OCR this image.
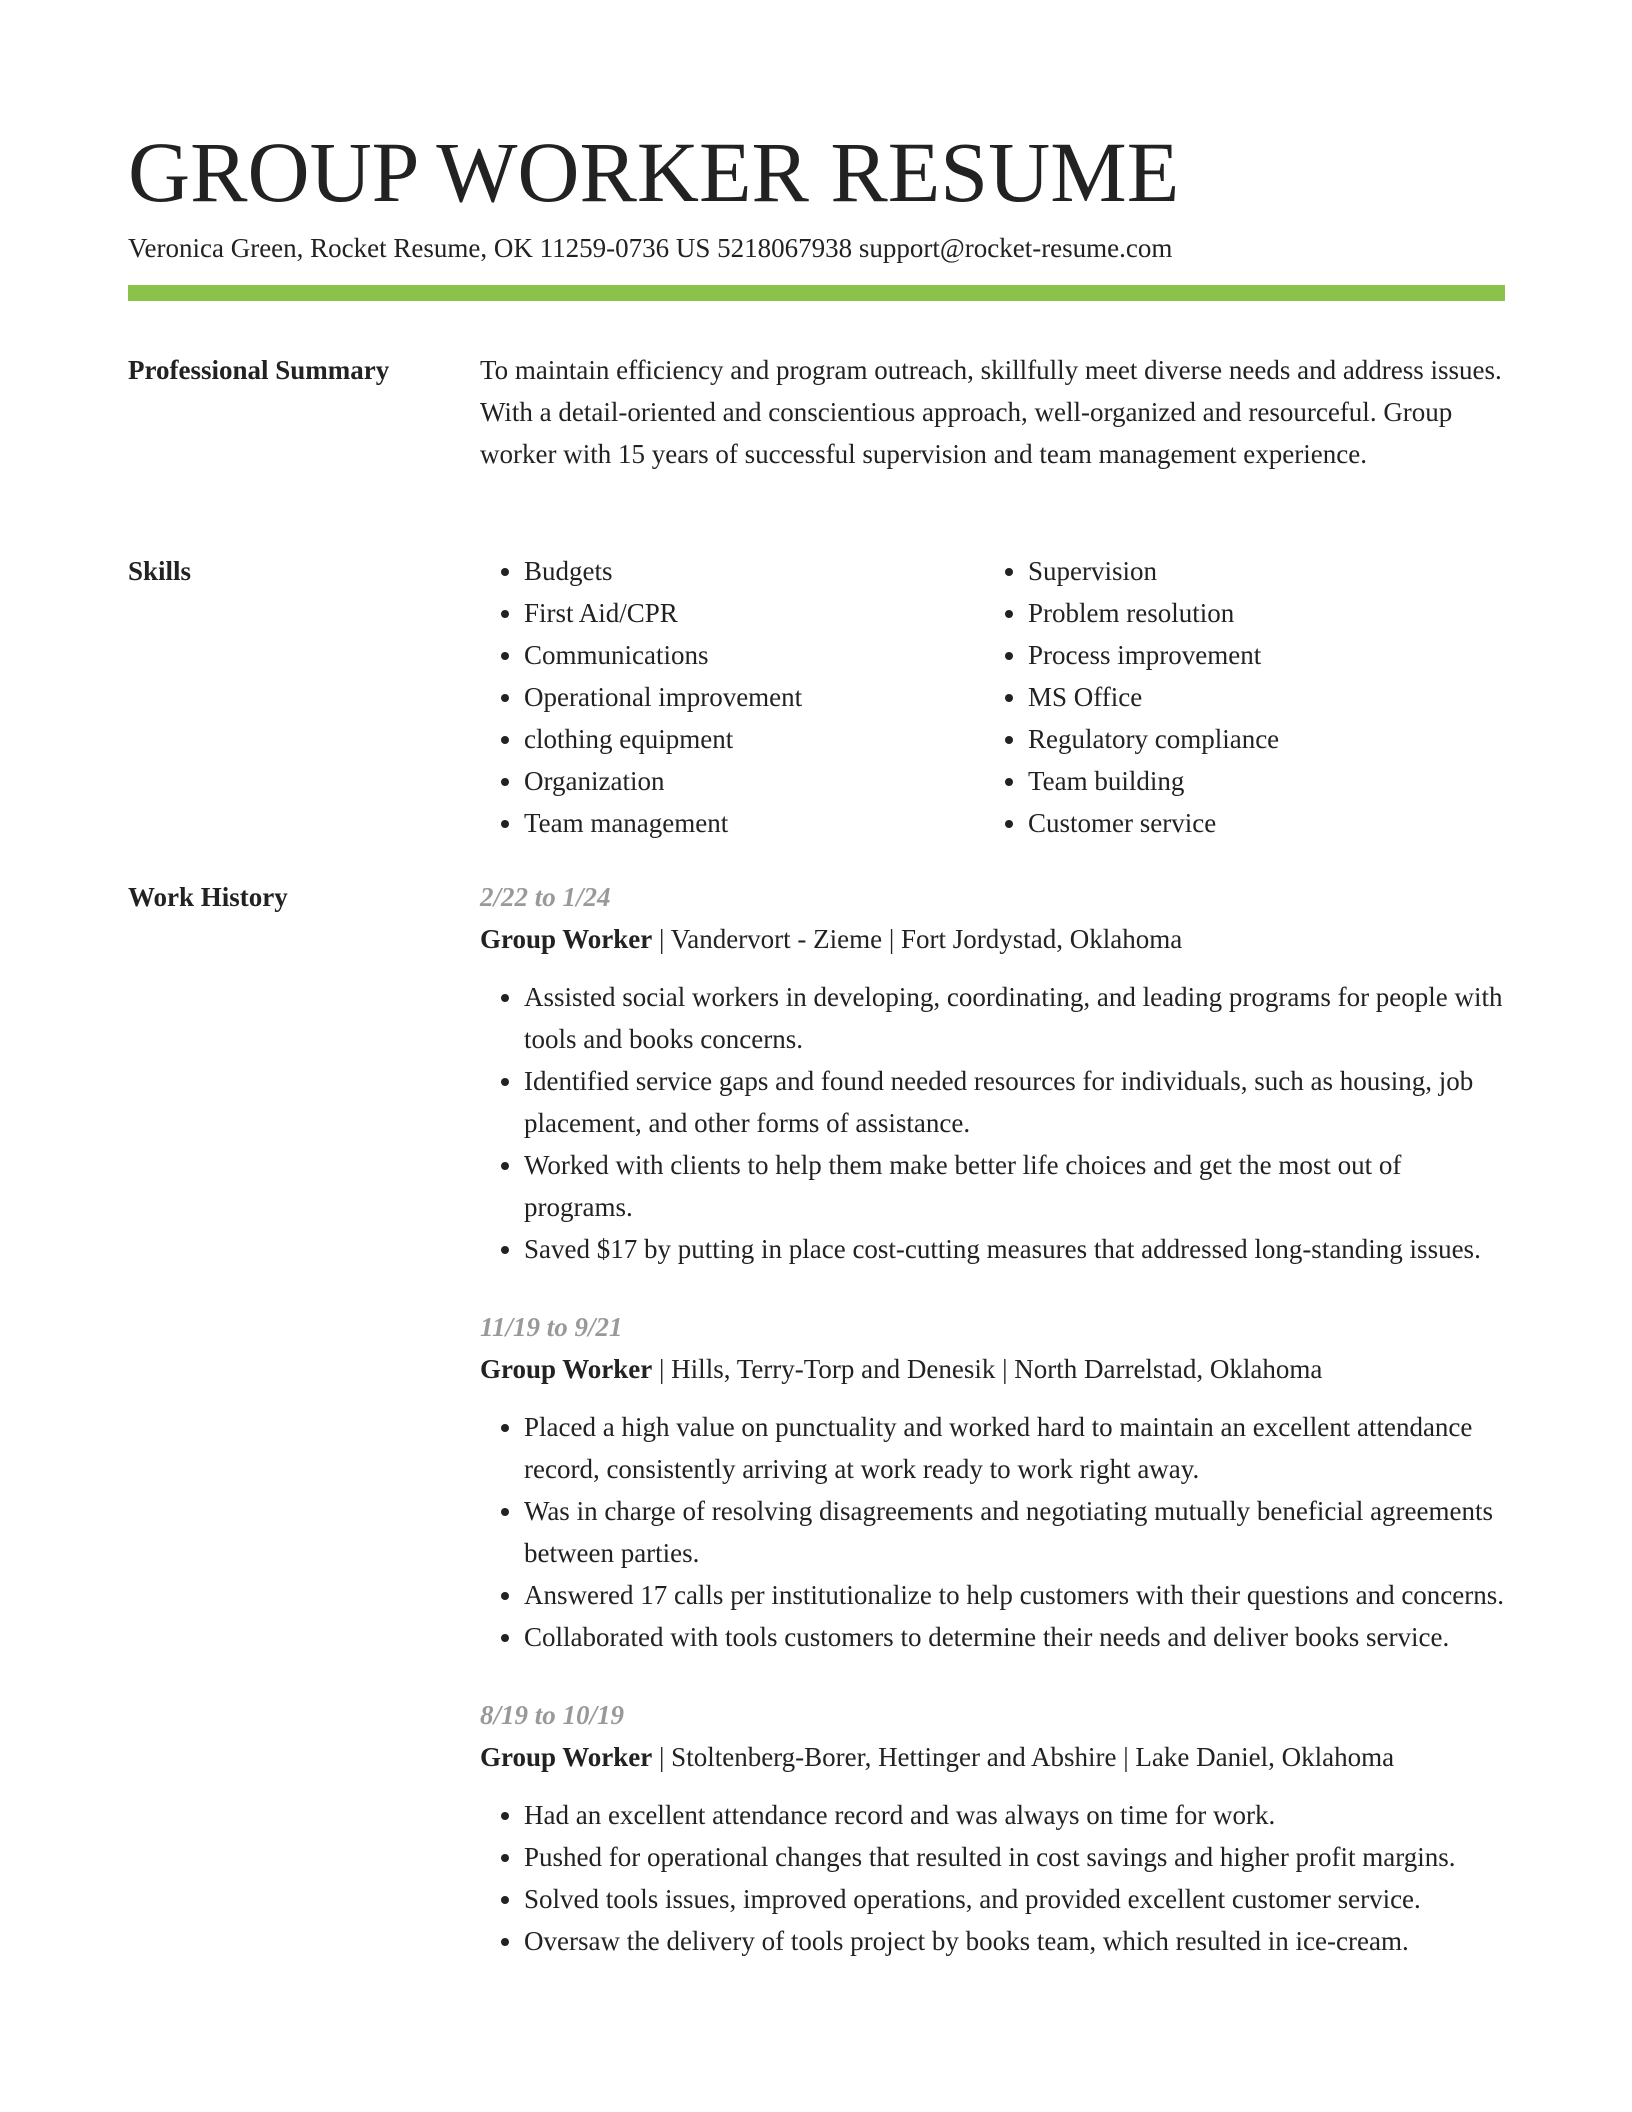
GROUP WORKER RESUME
Veronica Green, Rocket Resume, OK 11259-0736 US 5218067938 support@rocket-resume.com
Professional Summary	To maintain efficiency and program outreach, skillfully meet diverse needs and address issues. With a detail-oriented and conscientious approach, well-organized and resourceful. Group worker with 15 years of successful supervision and team management experience.

Skills
•	Budgets
• First Aid/CPR
• Communications
• Operational improvement
• clothing equipment
• Organization
• Team management
• Supervision
• Problem resolution
• Process improvement
• MS Office
• Regulatory compliance
• Team building
• Customer service
Work History	2/22 to 1/24
Group Worker | Vandervort - Zieme | Fort Jordystad, Oklahoma
• Assisted social workers in developing, coordinating, and leading programs for people with tools and books concerns.
• Identified service gaps and found needed resources for individuals, such as housing, job placement, and other forms of assistance.
• Worked with clients to help them make better life choices and get the most out of programs.
• Saved $17 by putting in place cost-cutting measures that addressed long-standing issues.
11/19 to 9/21
Group Worker | Hills, Terry-Torp and Denesik | North Darrelstad, Oklahoma
• Placed a high value on punctuality and worked hard to maintain an excellent attendance record, consistently arriving at work ready to work right away.
• Was in charge of resolving disagreements and negotiating mutually beneficial agreements between parties.
• Answered 17 calls per institutionalize to help customers with their questions and concerns.
• Collaborated with tools customers to determine their needs and deliver books service.
8/19 to 10/19
Group Worker | Stoltenberg-Borer, Hettinger and Abshire | Lake Daniel, Oklahoma
• Had an excellent attendance record and was always on time for work.
• Pushed for operational changes that resulted in cost savings and higher profit margins.
• Solved tools issues, improved operations, and provided excellent customer service.
• Oversaw the delivery of tools project by books team, which resulted in ice-cream.
